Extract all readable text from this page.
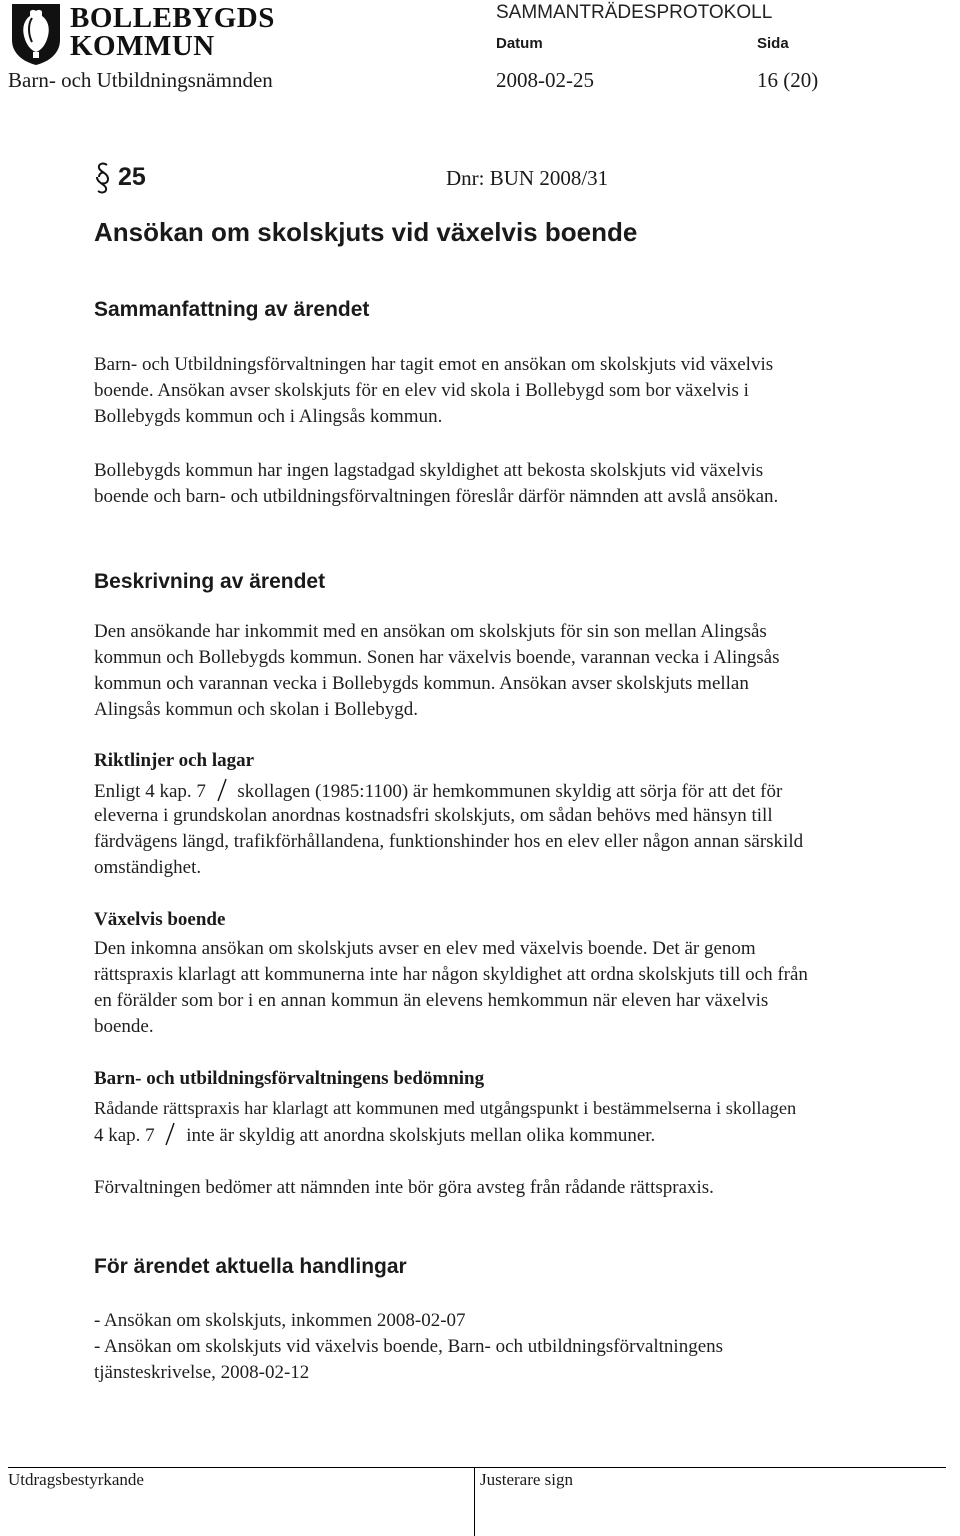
BOLLEBYGDS
KOMMUN
SAMMANTRÄDESPROTOKOLL
Datum	Sida
Barn- och Utbildningsnämnden	2008-02-25	16 (20)
25	Dnr: BUN 2008/31
Ansökan om skolskjuts vid växelvis boende
Sammanfattning av ärendet
Barn- och Utbildningsförvaltningen har tagit emot en ansökan om skolskjuts vid växelvis
boende. Ansökan avser skolskjuts för en elev vid skola i Bollebygd som bor växelvis i
Bollebygds kommun och i Alingsås kommun.
Bollebygds kommun har ingen lagstadgad skyldighet att bekosta skolskjuts vid växelvis
boende och barn- och utbildningsförvaltningen föreslår därför nämnden att avslå ansökan.
Beskrivning av ärendet
Den ansökande har inkommit med en ansökan om skolskjuts för sin son mellan Alingsås
kommun och Bollebygds kommun. Sonen har växelvis boende, varannan vecka i Alingsås
kommun och varannan vecka i Bollebygds kommun. Ansökan avser skolskjuts mellan
Alingsås kommun och skolan i Bollebygd.
Riktlinjer och lagar
Enligt 4 kap. 7 skollagen (1985:1100) är hemkommunen skyldig att sörja för att det för
eleverna i grundskolan anordnas kostnadsfri skolskjuts, om sådan behövs med hänsyn till
färdvägens längd, trafikförhållandena, funktionshinder hos en elev eller någon annan särskild
omständighet.
Växelvis boende
Den inkomna ansökan om skolskjuts avser en elev med växelvis boende. Det är genom
rättspraxis klarlagt att kommunerna inte har någon skyldighet att ordna skolskjuts till och från
en förälder som bor i en annan kommun än elevens hemkommun när eleven har växelvis
boende.
Barn- och utbildningsförvaltningens bedömning
Rådande rättspraxis har klarlagt att kommunen med utgångspunkt i bestämmelserna i skollagen
4 kap. 7 inte är skyldig att anordna skolskjuts mellan olika kommuner.
Förvaltningen bedömer att nämnden inte bör göra avsteg från rådande rättspraxis.
För ärendet aktuella handlingar
- Ansökan om skolskjuts, inkommen 2008-02-07
- Ansökan om skolskjuts vid växelvis boende, Barn- och utbildningsförvaltningens
tjänsteskrivelse, 2008-02-12
Utdragsbestyrkande	Justerare sign
